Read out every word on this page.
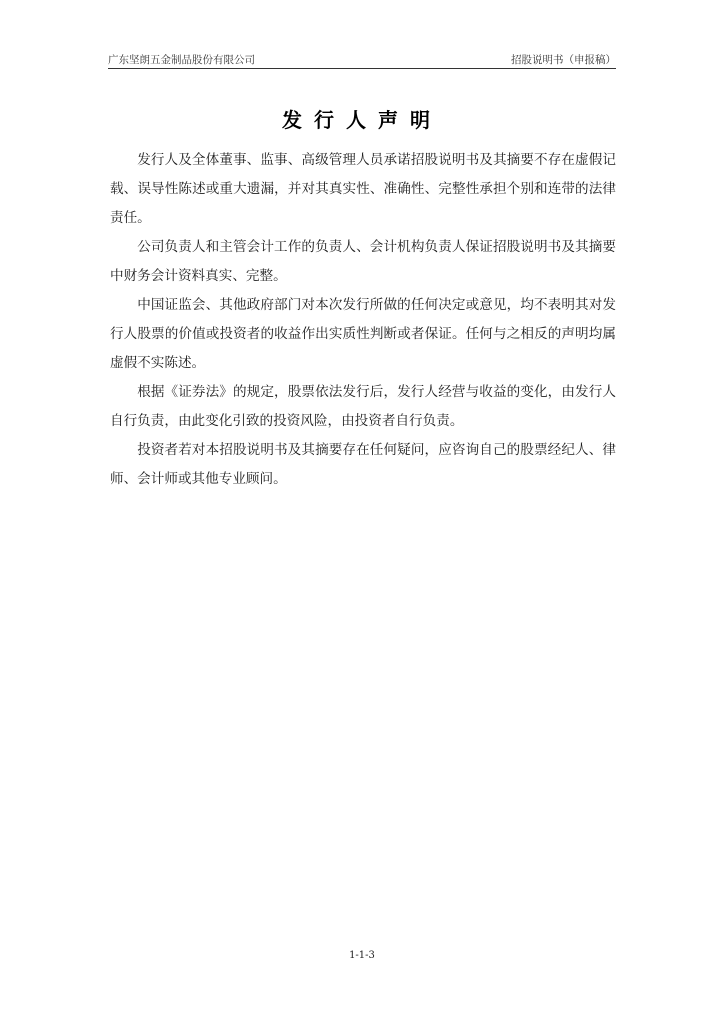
广东坚朗五金制品股份有限公司	招股说明书（申报稿）
发行人声明

发行人及全体董事、监事、高级管理人员承诺招股说明书及其摘要不存在虚假记载、误导性陈述或重大遗漏，并对其真实性、准确性、完整性承担个别和连带的法律责任。

公司负责人和主管会计工作的负责人、会计机构负责人保证招股说明书及其摘要中财务会计资料真实、完整。

中国证监会、其他政府部门对本次发行所做的任何决定或意见，均不表明其对发行人股票的价值或投资者的收益作出实质性判断或者保证。任何与之相反的声明均属虚假不实陈述。

根据《证券法》的规定，股票依法发行后，发行人经营与收益的变化，由发行人自行负责，由此变化引致的投资风险，由投资者自行负责。

投资者若对本招股说明书及其摘要存在任何疑问，应咨询自己的股票经纪人、律师、会计师或其他专业顾问。

1-1-3
